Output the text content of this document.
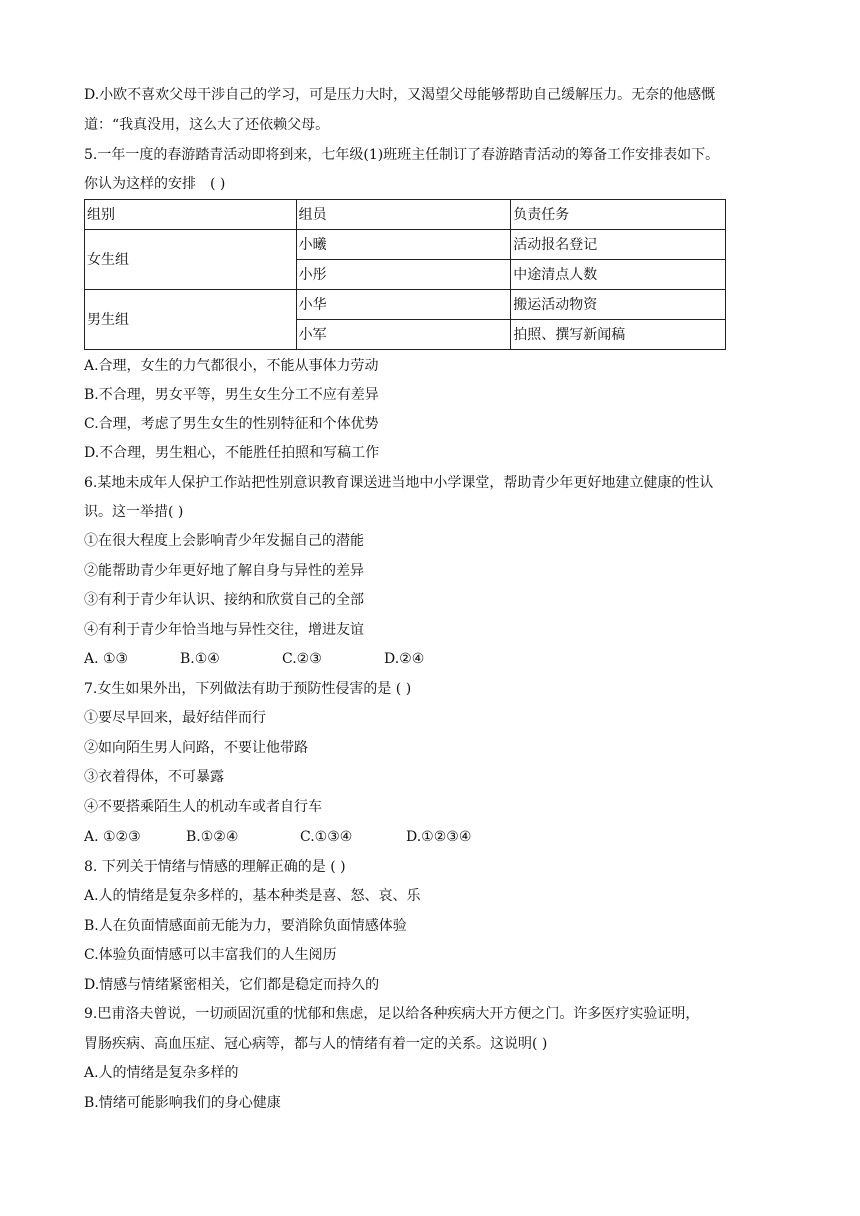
D.小欧不喜欢父母干涉自己的学习，可是压力大时，又渴望父母能够帮助自己缓解压力。无奈的他感慨
道：“我真没用，这么大了还依赖父母。
5.一年一度的春游踏青活动即将到来，七年级(1)班班主任制订了春游踏青活动的筹备工作安排表如下。
你认为这样的安排　( )
组别	组员	负责任务
女生组	小曦	活动报名登记
	小彤	中途清点人数
男生组	小华	搬运活动物资
	小军	拍照、撰写新闻稿
A.合理，女生的力气都很小，不能从事体力劳动
B.不合理，男女平等，男生女生分工不应有差异
C.合理，考虑了男生女生的性别特征和个体优势
D.不合理，男生粗心，不能胜任拍照和写稿工作
6.某地未成年人保护工作站把性别意识教育课送进当地中小学课堂，帮助青少年更好地建立健康的性认
识。这一举措( )
①在很大程度上会影响青少年发掘自己的潜能
②能帮助青少年更好地了解自身与异性的差异
③有利于青少年认识、接纳和欣赏自己的全部
④有利于青少年恰当地与异性交往，增进友谊
A. ①③	B.①④	C.②③	D.②④
7.女生如果外出，下列做法有助于预防性侵害的是 ( )
①要尽早回来，最好结伴而行
②如向陌生男人问路，不要让他带路
③衣着得体，不可暴露
④不要搭乘陌生人的机动车或者自行车
A. ①②③	B.①②④	C.①③④	D.①②③④
8. 下列关于情绪与情感的理解正确的是 ( )
A.人的情绪是复杂多样的，基本种类是喜、怒、哀、乐
B.人在负面情感面前无能为力，要消除负面情感体验
C.体验负面情感可以丰富我们的人生阅历
D.情感与情绪紧密相关，它们都是稳定而持久的
9.巴甫洛夫曾说，一切顽固沉重的忧郁和焦虑，足以给各种疾病大开方便之门。许多医疗实验证明，
胃肠疾病、高血压症、冠心病等，都与人的情绪有着一定的关系。这说明( )
A.人的情绪是复杂多样的
B.情绪可能影响我们的身心健康
